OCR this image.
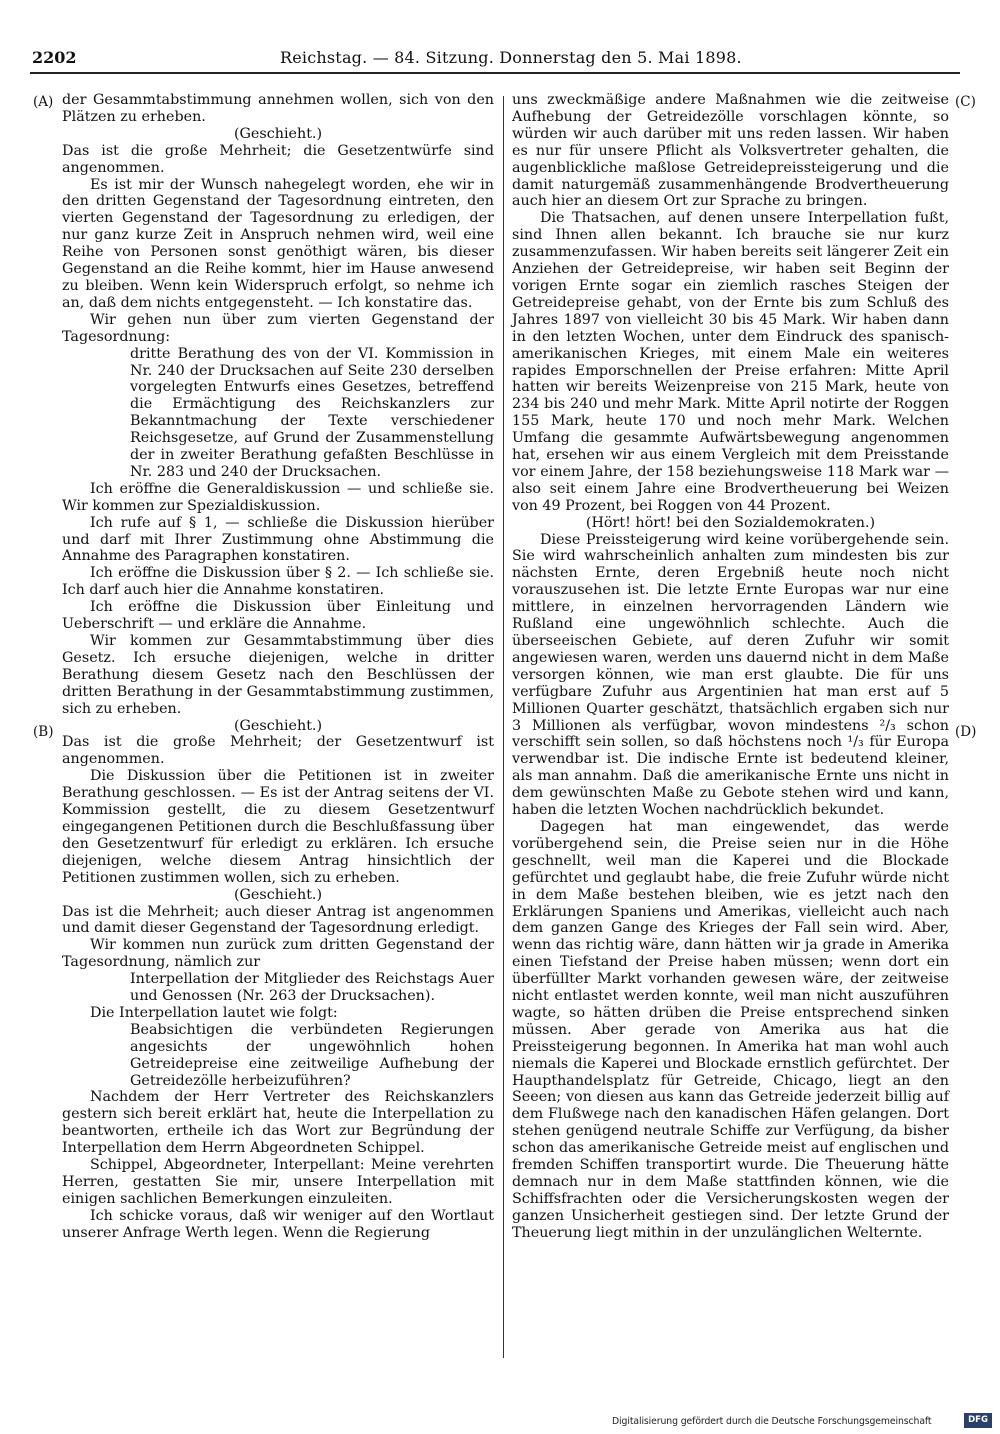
2202	Reichstag. — 84. Sitzung. Donnerstag den 5. Mai 1898.
(A)
(B)
(C)
(D)

der Gesammtabstimmung annehmen wollen, sich von den Plätzen zu erheben.

(Geschieht.)

Das ist die große Mehrheit; die Gesetzentwürfe sind angenommen.

Es ist mir der Wunsch nahegelegt worden, ehe wir in den dritten Gegenstand der Tagesordnung eintreten, den vierten Gegenstand der Tagesordnung zu erledigen, der nur ganz kurze Zeit in Anspruch nehmen wird, weil eine Reihe von Personen sonst genöthigt wären, bis dieser Gegenstand an die Reihe kommt, hier im Hause anwesend zu bleiben. Wenn kein Widerspruch erfolgt, so nehme ich an, daß dem nichts entgegensteht. — Ich konstatire das.

Wir gehen nun über zum vierten Gegenstand der Tagesordnung:

dritte Berathung des von der VI. Kommission in Nr. 240 der Drucksachen auf Seite 230 derselben vorgelegten Entwurfs eines Gesetzes, betreffend die Ermächtigung des Reichskanzlers zur Bekanntmachung der Texte verschiedener Reichsgesetze, auf Grund der Zusammenstellung der in zweiter Berathung gefaßten Beschlüsse in Nr. 283 und 240 der Drucksachen.

Ich eröffne die Generaldiskussion — und schließe sie. Wir kommen zur Spezialdiskussion.

Ich rufe auf § 1, — schließe die Diskussion hierüber und darf mit Ihrer Zustimmung ohne Abstimmung die Annahme des Paragraphen konstatiren.

Ich eröffne die Diskussion über § 2. — Ich schließe sie. Ich darf auch hier die Annahme konstatiren.

Ich eröffne die Diskussion über Einleitung und Ueberschrift — und erkläre die Annahme.

Wir kommen zur Gesammtabstimmung über dies Gesetz. Ich ersuche diejenigen, welche in dritter Berathung diesem Gesetz nach den Beschlüssen der dritten Berathung in der Gesammtabstimmung zustimmen, sich zu erheben.

(Geschieht.)

Das ist die große Mehrheit; der Gesetzentwurf ist angenommen.

Die Diskussion über die Petitionen ist in zweiter Berathung geschlossen. — Es ist der Antrag seitens der VI. Kommission gestellt, die zu diesem Gesetzentwurf eingegangenen Petitionen durch die Beschlußfassung über den Gesetzentwurf für erledigt zu erklären. Ich ersuche diejenigen, welche diesem Antrag hinsichtlich der Petitionen zustimmen wollen, sich zu erheben.

(Geschieht.)

Das ist die Mehrheit; auch dieser Antrag ist angenommen und damit dieser Gegenstand der Tagesordnung erledigt.

Wir kommen nun zurück zum dritten Gegenstand der Tagesordnung, nämlich zur

Interpellation der Mitglieder des Reichstags Auer und Genossen (Nr. 263 der Drucksachen).

Die Interpellation lautet wie folgt:

Beabsichtigen die verbündeten Regierungen angesichts der ungewöhnlich hohen Getreidepreise eine zeitweilige Aufhebung der Getreidezölle herbeizuführen?

Nachdem der Herr Vertreter des Reichskanzlers gestern sich bereit erklärt hat, heute die Interpellation zu beantworten, ertheile ich das Wort zur Begründung der Interpellation dem Herrn Abgeordneten Schippel.

Schippel, Abgeordneter, Interpellant: Meine verehrten Herren, gestatten Sie mir, unsere Interpellation mit einigen sachlichen Bemerkungen einzuleiten.

Ich schicke voraus, daß wir weniger auf den Wortlaut unserer Anfrage Werth legen. Wenn die Regierung

uns zweckmäßige andere Maßnahmen wie die zeitweise Aufhebung der Getreidezölle vorschlagen könnte, so würden wir auch darüber mit uns reden lassen. Wir haben es nur für unsere Pflicht als Volksvertreter gehalten, die augenblickliche maßlose Getreidepreissteigerung und die damit naturgemäß zusammenhängende Brodvertheuerung auch hier an diesem Ort zur Sprache zu bringen.

Die Thatsachen, auf denen unsere Interpellation fußt, sind Ihnen allen bekannt. Ich brauche sie nur kurz zusammenzufassen. Wir haben bereits seit längerer Zeit ein Anziehen der Getreidepreise, wir haben seit Beginn der vorigen Ernte sogar ein ziemlich rasches Steigen der Getreidepreise gehabt, von der Ernte bis zum Schluß des Jahres 1897 von vielleicht 30 bis 45 Mark. Wir haben dann in den letzten Wochen, unter dem Eindruck des spanisch-amerikanischen Krieges, mit einem Male ein weiteres rapides Emporschnellen der Preise erfahren: Mitte April hatten wir bereits Weizenpreise von 215 Mark, heute von 234 bis 240 und mehr Mark. Mitte April notirte der Roggen 155 Mark, heute 170 und noch mehr Mark. Welchen Umfang die gesammte Aufwärtsbewegung angenommen hat, ersehen wir aus einem Vergleich mit dem Preisstande vor einem Jahre, der 158 beziehungsweise 118 Mark war — also seit einem Jahre eine Brodvertheuerung bei Weizen von 49 Prozent, bei Roggen von 44 Prozent.

(Hört! hört! bei den Sozialdemokraten.)

Diese Preissteigerung wird keine vorübergehende sein. Sie wird wahrscheinlich anhalten zum mindesten bis zur nächsten Ernte, deren Ergebniß heute noch nicht vorauszusehen ist. Die letzte Ernte Europas war nur eine mittlere, in einzelnen hervorragenden Ländern wie Rußland eine ungewöhnlich schlechte. Auch die überseeischen Gebiete, auf deren Zufuhr wir somit angewiesen waren, werden uns dauernd nicht in dem Maße versorgen können, wie man erst glaubte. Die für uns verfügbare Zufuhr aus Argentinien hat man erst auf 5 Millionen Quarter geschätzt, thatsächlich ergaben sich nur 3 Millionen als verfügbar, wovon mindestens ²/₃ schon verschifft sein sollen, so daß höchstens noch ¹/₃ für Europa verwendbar ist. Die indische Ernte ist bedeutend kleiner, als man annahm. Daß die amerikanische Ernte uns nicht in dem gewünschten Maße zu Gebote stehen wird und kann, haben die letzten Wochen nachdrücklich bekundet.

Dagegen hat man eingewendet, das werde vorübergehend sein, die Preise seien nur in die Höhe geschnellt, weil man die Kaperei und die Blockade gefürchtet und geglaubt habe, die freie Zufuhr würde nicht in dem Maße bestehen bleiben, wie es jetzt nach den Erklärungen Spaniens und Amerikas, vielleicht auch nach dem ganzen Gange des Krieges der Fall sein wird. Aber, wenn das richtig wäre, dann hätten wir ja grade in Amerika einen Tiefstand der Preise haben müssen; wenn dort ein überfüllter Markt vorhanden gewesen wäre, der zeitweise nicht entlastet werden konnte, weil man nicht auszuführen wagte, so hätten drüben die Preise entsprechend sinken müssen. Aber gerade von Amerika aus hat die Preissteigerung begonnen. In Amerika hat man wohl auch niemals die Kaperei und Blockade ernstlich gefürchtet. Der Haupthandelsplatz für Getreide, Chicago, liegt an den Seeen; von diesen aus kann das Getreide jederzeit billig auf dem Flußwege nach den kanadischen Häfen gelangen. Dort stehen genügend neutrale Schiffe zur Verfügung, da bisher schon das amerikanische Getreide meist auf englischen und fremden Schiffen transportirt wurde. Die Theuerung hätte demnach nur in dem Maße stattfinden können, wie die Schiffsfrachten oder die Versicherungskosten wegen der ganzen Unsicherheit gestiegen sind. Der letzte Grund der Theuerung liegt mithin in der unzulänglichen Welternte.

Digitalisierung gefördert durch die Deutsche Forschungsgemeinschaft	DFG
